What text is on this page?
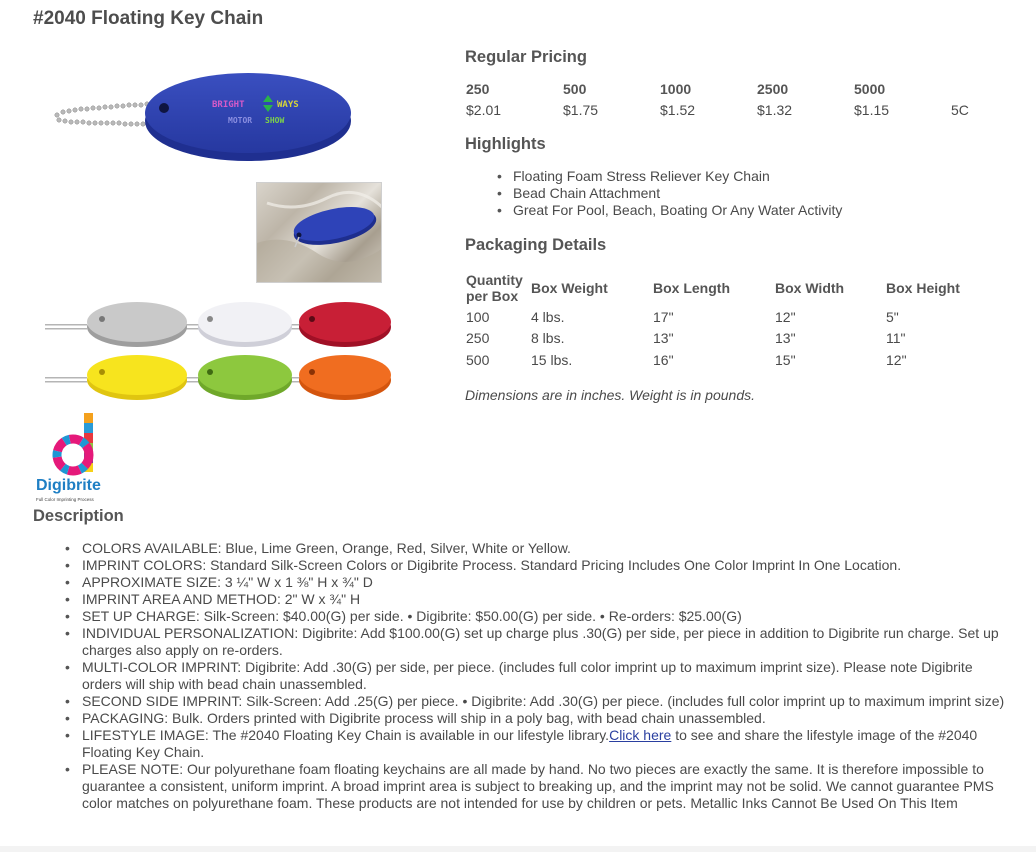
#2040 Floating Key Chain
BRIGHT	WAYS
MOTOR SHOW
Digibrite
Full Color Imprinting Process
Regular Pricing
250	500	1000	2500	5000	
$2.01	$1.75	$1.52	$1.32	$1.15	5C
Highlights
• Floating Foam Stress Reliever Key Chain
• Bead Chain Attachment
• Great For Pool, Beach, Boating Or Any Water Activity
Packaging Details
Quantity per Box	Box Weight	Box Length	Box Width	Box Height
100	4 lbs.	17"	12"	5"
250	8 lbs.	13"	13"	11"
500	15 lbs.	16"	15"	12"

Dimensions are in inches. Weight is in pounds.

Description
• COLORS AVAILABLE: Blue, Lime Green, Orange, Red, Silver, White or Yellow.
• IMPRINT COLORS: Standard Silk-Screen Colors or Digibrite Process. Standard Pricing Includes One Color Imprint In One Location.
• APPROXIMATE SIZE: 3 ¼" W x 1 ⅜" H x ¾" D
• IMPRINT AREA AND METHOD: 2" W x ¾" H
• SET UP CHARGE: Silk-Screen: $40.00(G) per side. • Digibrite: $50.00(G) per side. • Re-orders: $25.00(G)
• INDIVIDUAL PERSONALIZATION: Digibrite: Add $100.00(G) set up charge plus .30(G) per side, per piece in addition to Digibrite run charge. Set up charges also apply on re-orders.
• MULTI-COLOR IMPRINT: Digibrite: Add .30(G) per side, per piece. (includes full color imprint up to maximum imprint size). Please note Digibrite orders will ship with bead chain unassembled.
• SECOND SIDE IMPRINT: Silk-Screen: Add .25(G) per piece. • Digibrite: Add .30(G) per piece. (includes full color imprint up to maximum imprint size)
• PACKAGING: Bulk. Orders printed with Digibrite process will ship in a poly bag, with bead chain unassembled.
• LIFESTYLE IMAGE: The #2040 Floating Key Chain is available in our lifestyle library.Click here to see and share the lifestyle image of the #2040 Floating Key Chain.
• PLEASE NOTE: Our polyurethane foam floating keychains are all made by hand. No two pieces are exactly the same. It is therefore impossible to guarantee a consistent, uniform imprint. A broad imprint area is subject to breaking up, and the imprint may not be solid. We cannot guarantee PMS color matches on polyurethane foam. These products are not intended for use by children or pets. Metallic Inks Cannot Be Used On This Item
